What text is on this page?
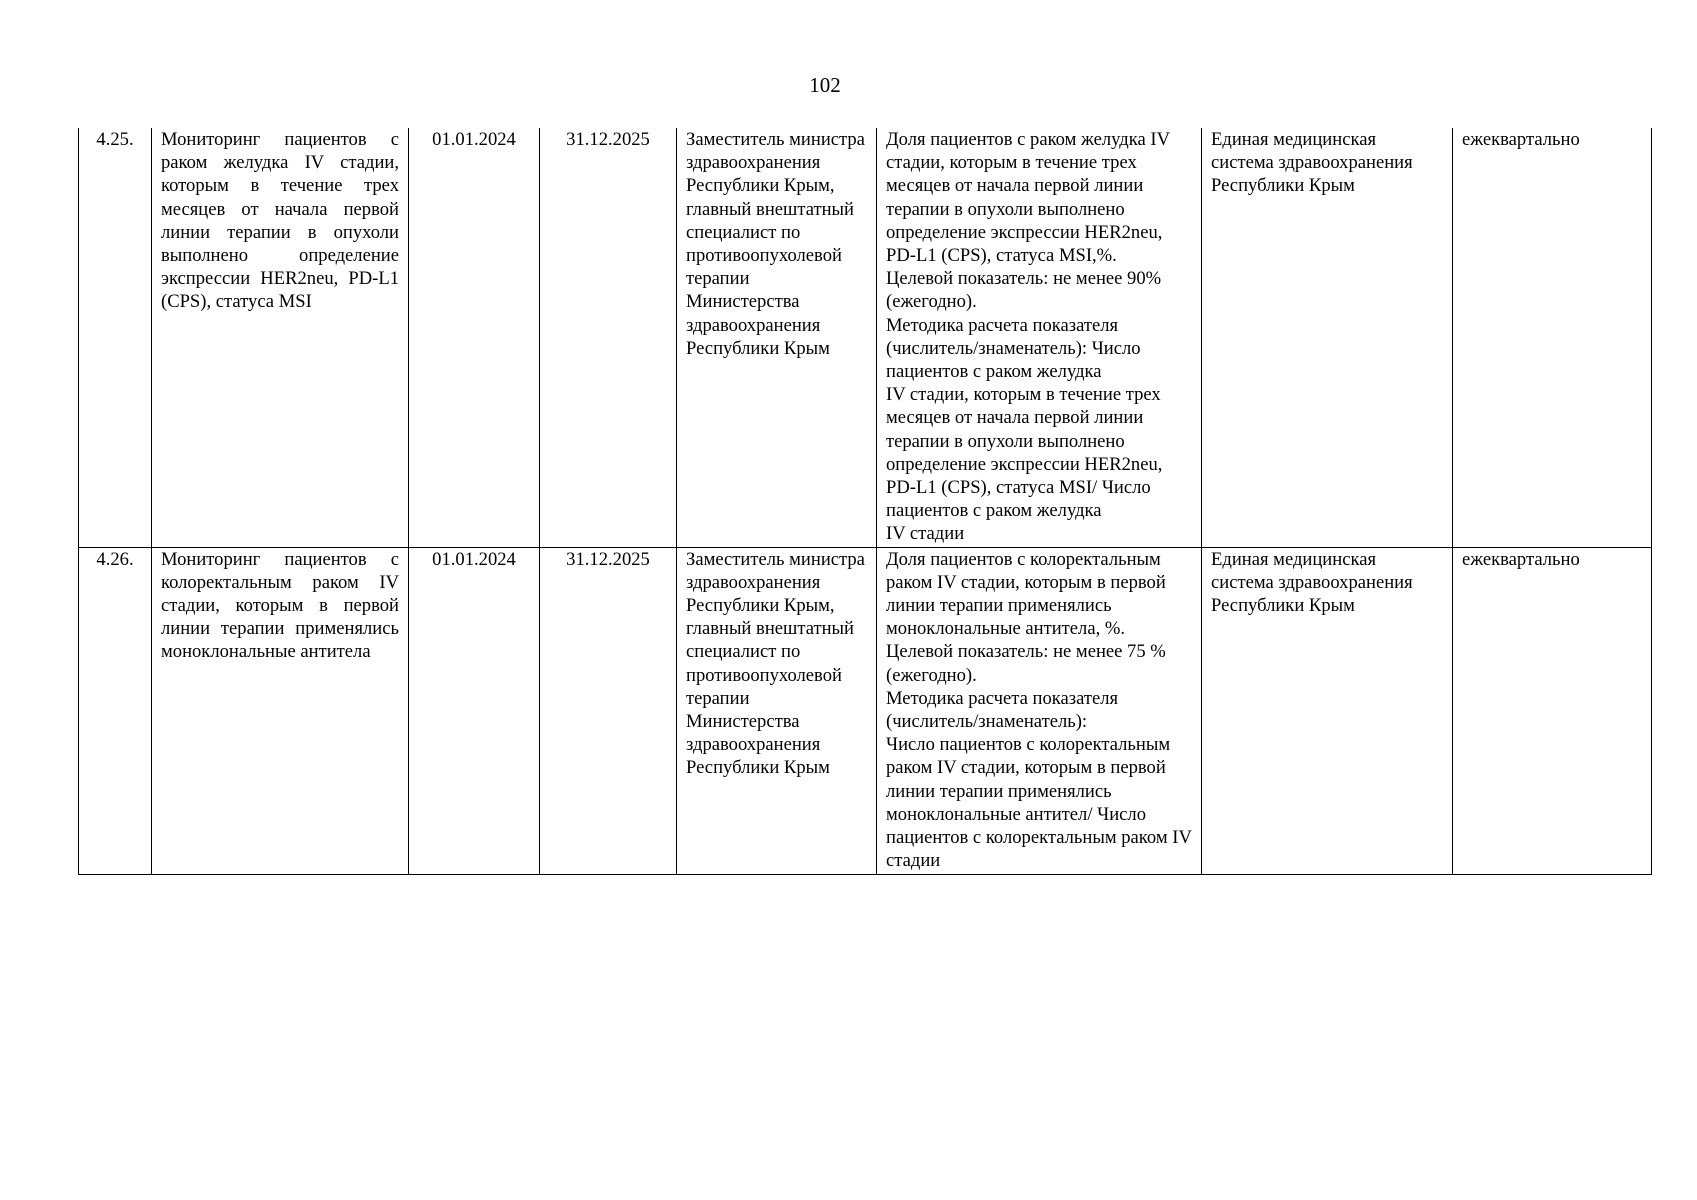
102
4.25.	Мониторинг пациентов с раком желудка IV стадии, которым в течение трех месяцев от начала первой линии терапии в опухоли выполнено определение экспрессии HER2neu, PD-L1 (CPS), статуса MSI	01.01.2024	31.12.2025	Заместитель министра здравоохранения Республики Крым, главный внештатный специалист по противоопухолевой терапии Министерства здравоохранения Республики Крым	Доля пациентов с раком желудка IV стадии, которым в течение трех месяцев от начала первой линии терапии в опухоли выполнено определение экспрессии HER2neu, PD-L1 (CPS), статуса MSI,%.
Целевой показатель: не менее 90% (ежегодно).
Методика расчета показателя (числитель/знаменатель): Число пациентов с раком желудка
IV стадии, которым в течение трех месяцев от начала первой линии терапии в опухоли выполнено определение экспрессии HER2neu, PD-L1 (CPS), статуса MSI/ Число пациентов с раком желудка
IV стадии	Единая медицинская система здравоохранения Республики Крым	ежеквартально
4.26.	Мониторинг пациентов с колоректальным раком IV стадии, которым в первой линии терапии применялись моноклональные антитела	01.01.2024	31.12.2025	Заместитель министра здравоохранения Республики Крым, главный внештатный специалист по противоопухолевой терапии Министерства здравоохранения Республики Крым	Доля пациентов с колоректальным раком IV стадии, которым в первой линии терапии применялись моноклональные антитела, %. Целевой показатель: не менее 75 % (ежегодно).
Методика расчета показателя (числитель/знаменатель):
Число пациентов с колоректальным раком IV стадии, которым в первой линии терапии применялись моноклональные антител/ Число пациентов с колоректальным раком IV стадии	Единая медицинская система здравоохранения Республики Крым	ежеквартально
